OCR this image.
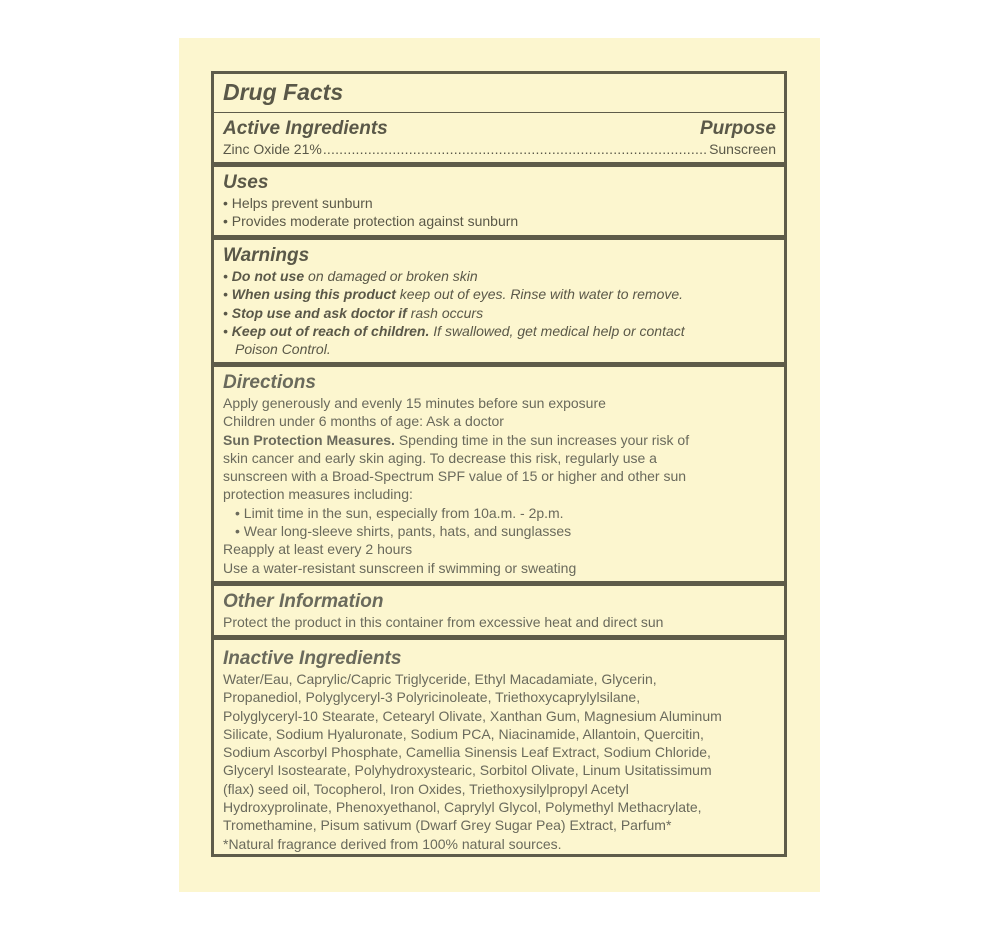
Drug Facts
Active Ingredients	Purpose
Zinc Oxide 21%
.....	Sunscreen
Uses
• Helps prevent sunburn
• Provides moderate protection against sunburn
Warnings
• Do not use on damaged or broken skin
• When using this product keep out of eyes. Rinse with water to remove.
• Stop use and ask doctor if rash occurs
• Keep out of reach of children. If swallowed, get medical help or contact
Poison Control.
Directions
Apply generously and evenly 15 minutes before sun exposure
Children under 6 months of age: Ask a doctor
Sun Protection Measures. Spending time in the sun increases your risk of
skin cancer and early skin aging. To decrease this risk, regularly use a
sunscreen with a Broad-Spectrum SPF value of 15 or higher and other sun
protection measures including:
• Limit time in the sun, especially from 10a.m. - 2p.m.
• Wear long-sleeve shirts, pants, hats, and sunglasses
Reapply at least every 2 hours
Use a water-resistant sunscreen if swimming or sweating
Other Information
Protect the product in this container from excessive heat and direct sun
Inactive Ingredients
Water/Eau, Caprylic/Capric Triglyceride, Ethyl Macadamiate, Glycerin,
Propanediol, Polyglyceryl-3 Polyricinoleate, Triethoxycaprylylsilane,
Polyglyceryl-10 Stearate, Cetearyl Olivate, Xanthan Gum, Magnesium Aluminum
Silicate, Sodium Hyaluronate, Sodium PCA, Niacinamide, Allantoin, Quercitin,
Sodium Ascorbyl Phosphate, Camellia Sinensis Leaf Extract, Sodium Chloride,
Glyceryl Isostearate, Polyhydroxystearic, Sorbitol Olivate, Linum Usitatissimum
(flax) seed oil, Tocopherol, Iron Oxides, Triethoxysilylpropyl Acetyl
Hydroxyprolinate, Phenoxyethanol, Caprylyl Glycol, Polymethyl Methacrylate,
Tromethamine, Pisum sativum (Dwarf Grey Sugar Pea) Extract, Parfum*
*Natural fragrance derived from 100% natural sources.
